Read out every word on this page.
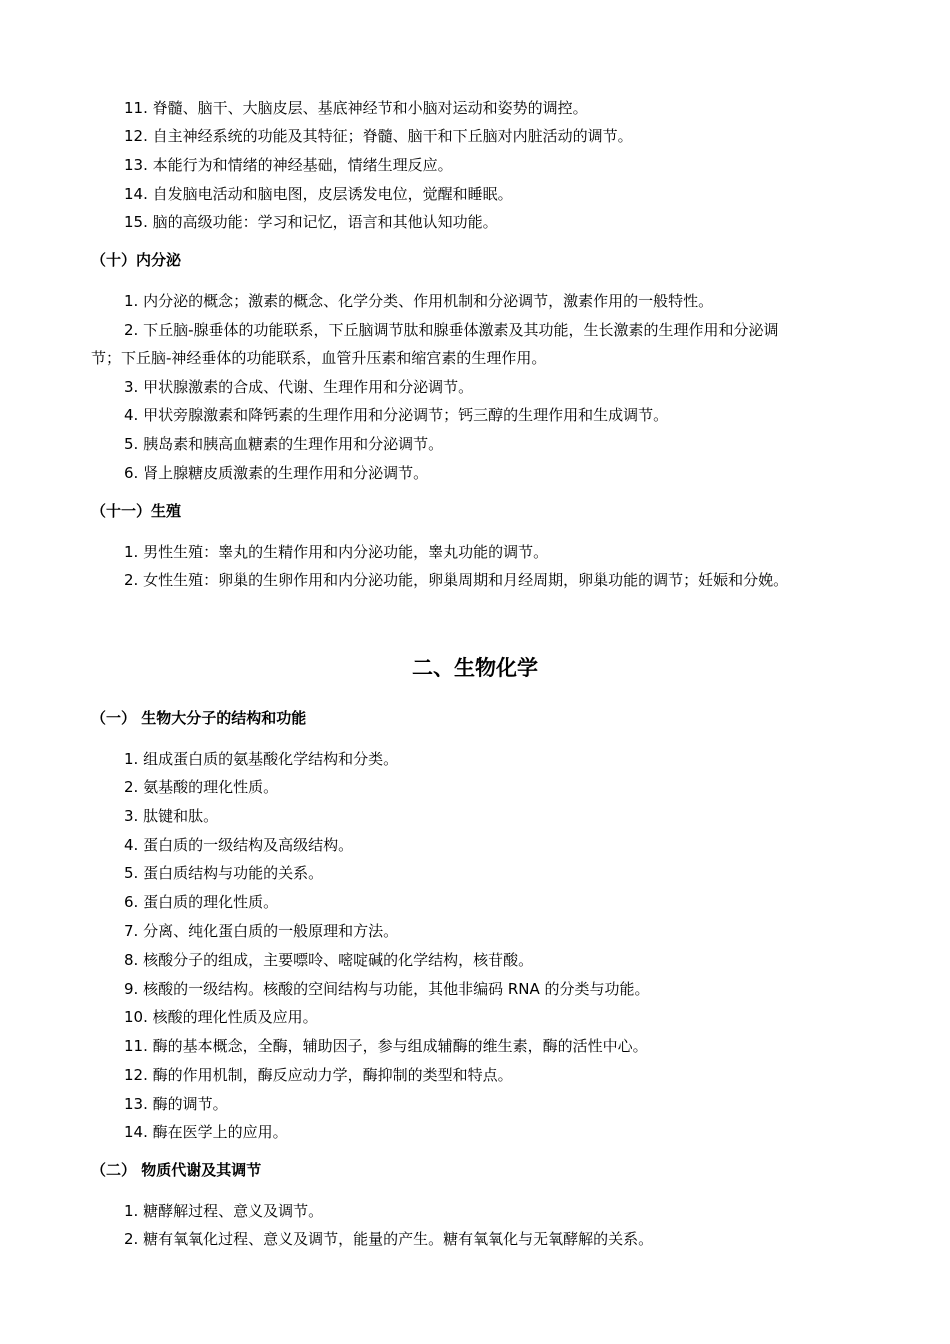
11. 脊髓、脑干、大脑皮层、基底神经节和小脑对运动和姿势的调控。
12. 自主神经系统的功能及其特征；脊髓、脑干和下丘脑对内脏活动的调节。
13. 本能行为和情绪的神经基础，情绪生理反应。
14. 自发脑电活动和脑电图，皮层诱发电位，觉醒和睡眠。
15. 脑的高级功能：学习和记忆，语言和其他认知功能。
（十）内分泌
1. 内分泌的概念；激素的概念、化学分类、作用机制和分泌调节，激素作用的一般特性。
2. 下丘脑-腺垂体的功能联系，下丘脑调节肽和腺垂体激素及其功能，生长激素的生理作用和分泌调
节；下丘脑-神经垂体的功能联系，血管升压素和缩宫素的生理作用。
3. 甲状腺激素的合成、代谢、生理作用和分泌调节。
4. 甲状旁腺激素和降钙素的生理作用和分泌调节；钙三醇的生理作用和生成调节。
5. 胰岛素和胰高血糖素的生理作用和分泌调节。
6. 肾上腺糖皮质激素的生理作用和分泌调节。
（十一）生殖
1. 男性生殖：睾丸的生精作用和内分泌功能，睾丸功能的调节。
2. 女性生殖：卵巢的生卵作用和内分泌功能，卵巢周期和月经周期，卵巢功能的调节；妊娠和分娩。
二、生物化学
（一） 生物大分子的结构和功能
1. 组成蛋白质的氨基酸化学结构和分类。
2. 氨基酸的理化性质。
3. 肽键和肽。
4. 蛋白质的一级结构及高级结构。
5. 蛋白质结构与功能的关系。
6. 蛋白质的理化性质。
7. 分离、纯化蛋白质的一般原理和方法。
8. 核酸分子的组成，主要嘌呤、嘧啶碱的化学结构，核苷酸。
9. 核酸的一级结构。核酸的空间结构与功能，其他非编码 RNA 的分类与功能。
10. 核酸的理化性质及应用。
11. 酶的基本概念，全酶，辅助因子，参与组成辅酶的维生素，酶的活性中心。
12. 酶的作用机制，酶反应动力学，酶抑制的类型和特点。
13. 酶的调节。
14. 酶在医学上的应用。
（二） 物质代谢及其调节
1. 糖酵解过程、意义及调节。
2. 糖有氧氧化过程、意义及调节，能量的产生。糖有氧氧化与无氧酵解的关系。
